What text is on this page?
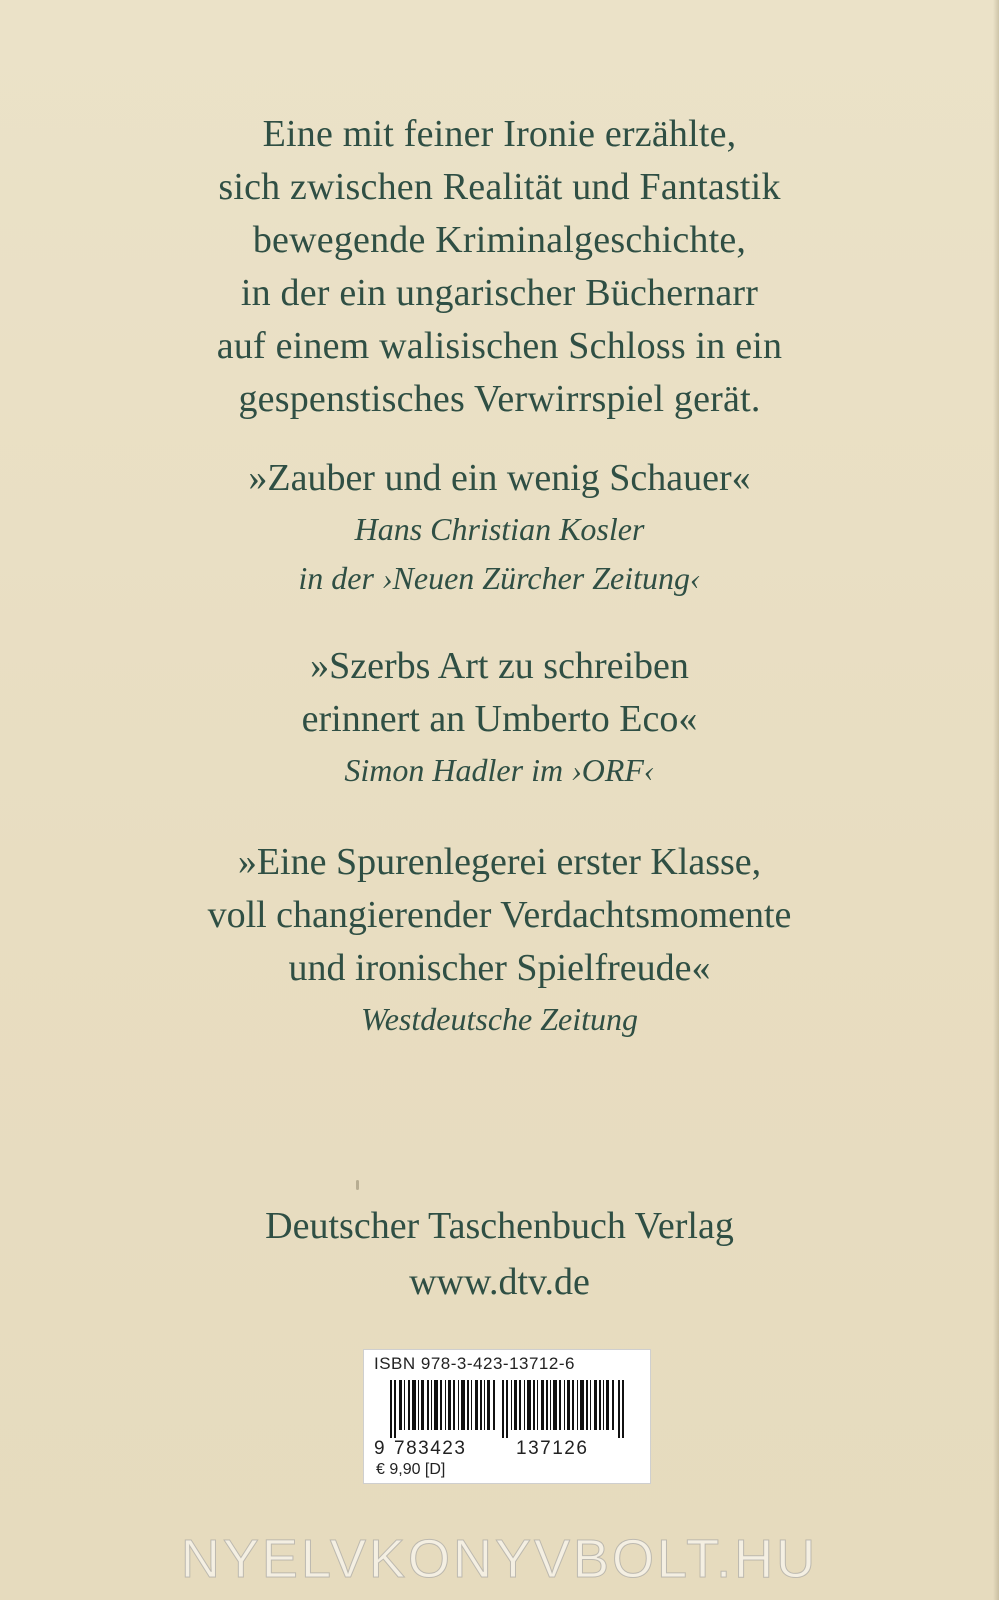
Eine mit feiner Ironie erzählte,
sich zwischen Realität und Fantastik
bewegende Kriminalgeschichte,
in der ein ungarischer Büchernarr
auf einem walisischen Schloss in ein
gespenstisches Verwirrspiel gerät.
»Zauber und ein wenig Schauer«
Hans Christian Kosler
in der ›Neuen Zürcher Zeitung‹
»Szerbs Art zu schreiben
erinnert an Umberto Eco«
Simon Hadler im ›ORF‹
»Eine Spurenlegerei erster Klasse,
voll changierender Verdachtsmomente
und ironischer Spielfreude«
Westdeutsche Zeitung
Deutscher Taschenbuch Verlag
www.dtv.de
ISBN 978-3-423-13712-6
9 783423	137126
€ 9,90 [D]
NYELVKONYVBOLT.HU
